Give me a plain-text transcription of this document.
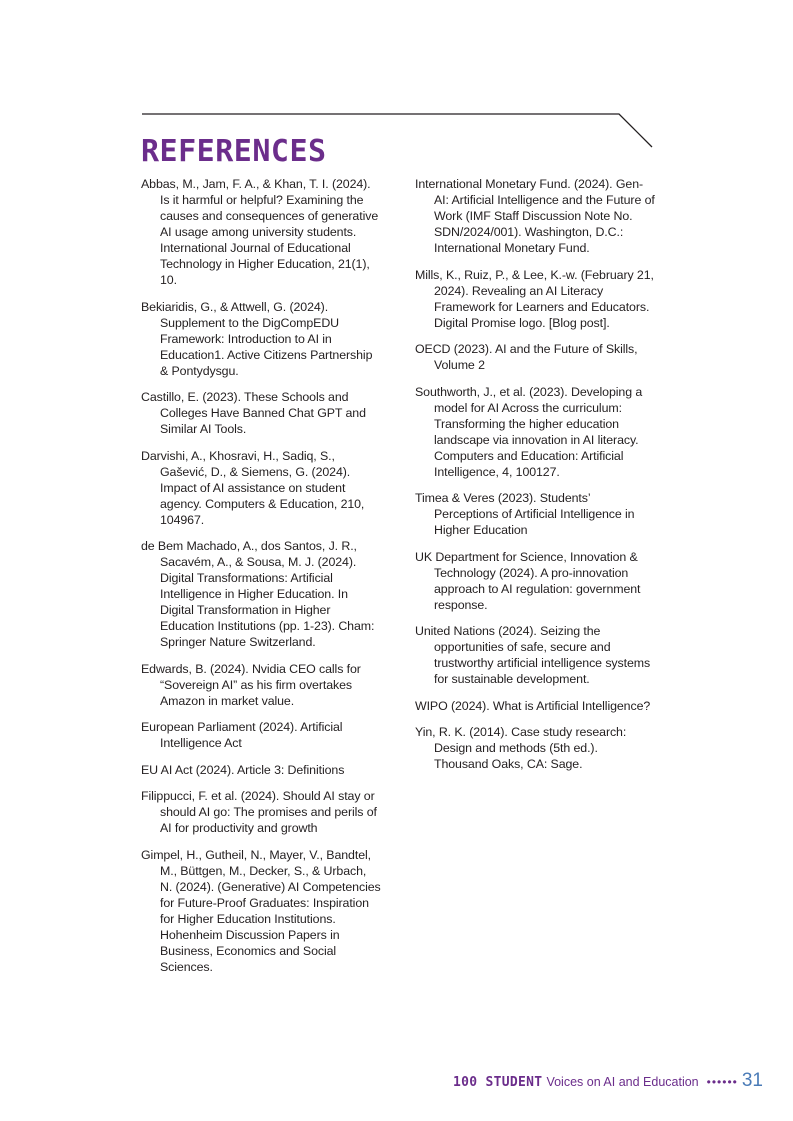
REFERENCES

Abbas, M., Jam, F. A., & Khan, T. I. (2024). Is it harmful or helpful? Examining the causes and consequences of generative AI usage among university students. International Journal of Educational Technology in Higher Education, 21(1), 10.

Bekiaridis, G., & Attwell, G. (2024). Supplement to the DigCompEDU Framework: Introduction to AI in Education1. Active Citizens Partnership & Pontydysgu.

Castillo, E. (2023). These Schools and Colleges Have Banned Chat GPT and Similar AI Tools.

Darvishi, A., Khosravi, H., Sadiq, S., Gašević, D., & Siemens, G. (2024). Impact of AI assistance on student agency. Computers & Education, 210, 104967.

de Bem Machado, A., dos Santos, J. R., Sacavém, A., & Sousa, M. J. (2024). Digital Transformations: Artificial Intelligence in Higher Education. In Digital Transformation in Higher Education Institutions (pp. 1-23). Cham: Springer Nature Switzerland.

Edwards, B. (2024). Nvidia CEO calls for “Sovereign AI” as his firm overtakes Amazon in market value.

European Parliament (2024). Artificial Intelligence Act

EU AI Act (2024). Article 3: Definitions

Filippucci, F. et al. (2024). Should AI stay or should AI go: The promises and perils of AI for productivity and growth

Gimpel, H., Gutheil, N., Mayer, V., Bandtel, M., Büttgen, M., Decker, S., & Urbach, N. (2024). (Generative) AI Competencies for Future-Proof Graduates: Inspiration for Higher Education Institutions. Hohenheim Discussion Papers in Business, Economics and Social Sciences.

International Monetary Fund. (2024). Gen-AI: Artificial Intelligence and the Future of Work (IMF Staff Discussion Note No. SDN/2024/001). Washington, D.C.: International Monetary Fund.

Mills, K., Ruiz, P., & Lee, K.-w. (February 21, 2024). Revealing an AI Literacy Framework for Learners and Educators. Digital Promise logo. [Blog post].

OECD (2023). AI and the Future of Skills, Volume 2

Southworth, J., et al. (2023). Developing a model for AI Across the curriculum: Transforming the higher education landscape via innovation in AI literacy. Computers and Education: Artificial Intelligence, 4, 100127.

Timea & Veres (2023). Students’ Perceptions of Artificial Intelligence in Higher Education

UK Department for Science, Innovation & Technology (2024). A pro-innovation approach to AI regulation: government response.

United Nations (2024). Seizing the opportunities of safe, secure and trustworthy artificial intelligence systems for sustainable development.

WIPO (2024). What is Artificial Intelligence?

Yin, R. K. (2014). Case study research: Design and methods (5th ed.). Thousand Oaks, CA: Sage.

100 STUDENT Voices on AI and Education •••••• 31
